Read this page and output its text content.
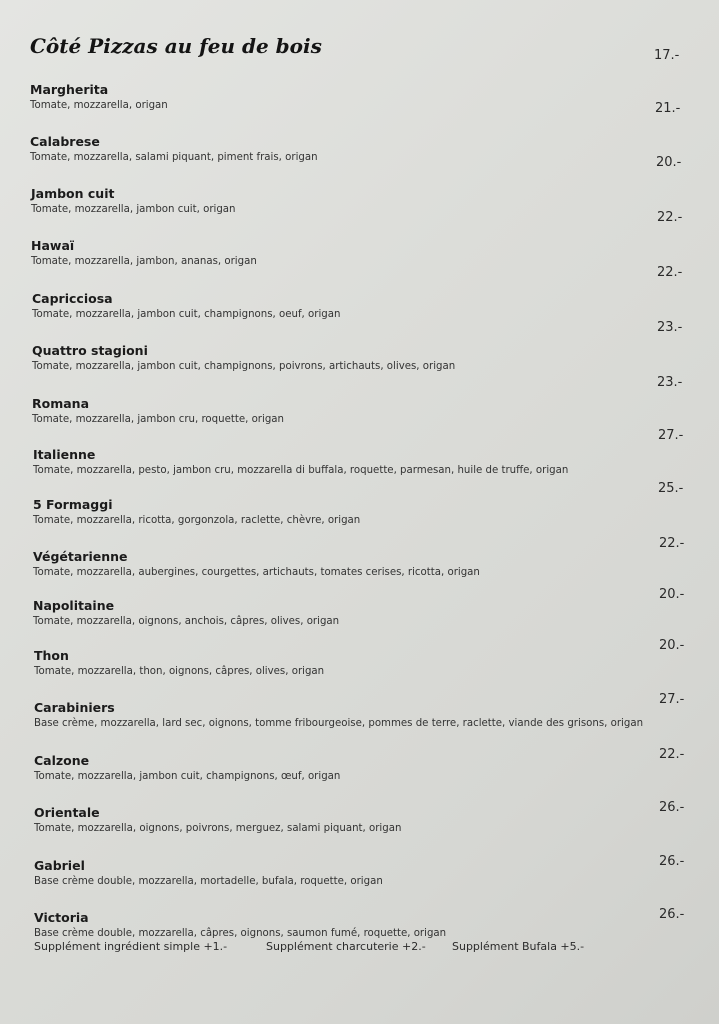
Côté Pizzas au feu de bois	17.-
21.-
20.-
22.-
22.-
23.-
23.-
27.-
25.-
22.-
20.-
20.-
27.-
22.-
26.-
26.-
26.-
Margherita
Tomate, mozzarella, origan
Calabrese
Tomate, mozzarella, salami piquant, piment frais, origan
Jambon cuit
Tomate, mozzarella, jambon cuit, origan
Hawaï
Tomate, mozzarella, jambon, ananas, origan
Capricciosa
Tomate, mozzarella, jambon cuit, champignons, oeuf, origan
Quattro stagioni
Tomate, mozzarella, jambon cuit, champignons, poivrons, artichauts, olives, origan
Romana
Tomate, mozzarella, jambon cru, roquette, origan
Italienne
Tomate, mozzarella, pesto, jambon cru, mozzarella di buffala, roquette, parmesan, huile de truffe, origan
5 Formaggi
Tomate, mozzarella, ricotta, gorgonzola, raclette, chèvre, origan
Végétarienne
Tomate, mozzarella, aubergines, courgettes, artichauts, tomates cerises, ricotta, origan
Napolitaine
Tomate, mozzarella, oignons, anchois, câpres, olives, origan
Thon
Tomate, mozzarella, thon, oignons, câpres, olives, origan
Carabiniers
Base crème, mozzarella, lard sec, oignons, tomme fribourgeoise, pommes de terre, raclette, viande des grisons, origan
Calzone
Tomate, mozzarella, jambon cuit, champignons, œuf, origan
Orientale
Tomate, mozzarella, oignons, poivrons, merguez, salami piquant, origan
Gabriel
Base crème double, mozzarella, mortadelle, bufala, roquette, origan
Victoria
Base crème double, mozzarella, câpres, oignons, saumon fumé, roquette, origan
Supplément ingrédient simple +1.-	Supplément charcuterie +2.- Supplément Bufala +5.-
